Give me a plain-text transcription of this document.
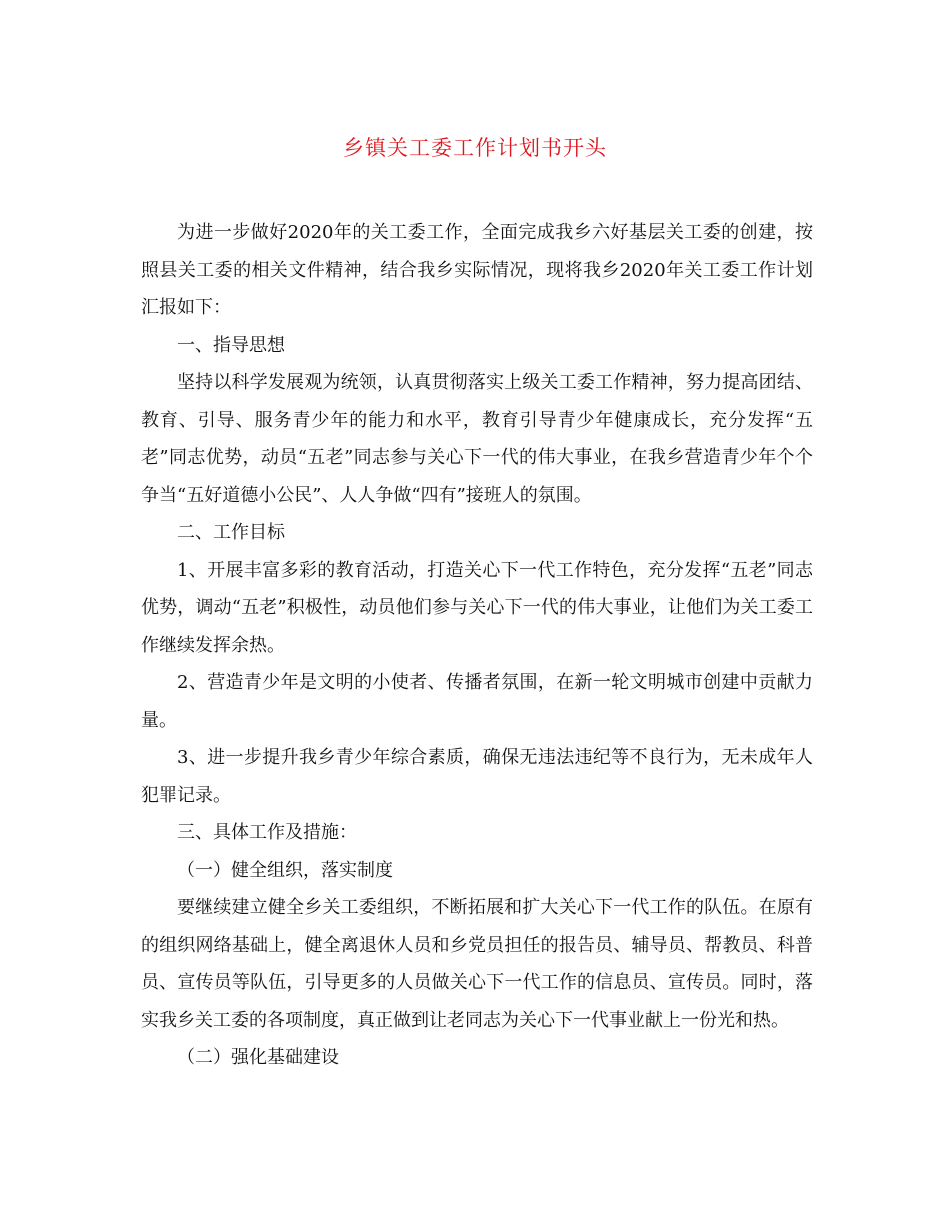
乡镇关工委工作计划书开头

为进一步做好2020年的关工委工作，全面完成我乡六好基层关工委的创建，按照县关工委的相关文件精神，结合我乡实际情况，现将我乡2020年关工委工作计划汇报如下：

一、指导思想

坚持以科学发展观为统领，认真贯彻落实上级关工委工作精神，努力提高团结、教育、引导、服务青少年的能力和水平，教育引导青少年健康成长，充分发挥“五老”同志优势，动员“五老”同志参与关心下一代的伟大事业，在我乡营造青少年个个争当“五好道德小公民”、人人争做“四有”接班人的氛围。

二、工作目标

1、开展丰富多彩的教育活动，打造关心下一代工作特色，充分发挥“五老”同志优势，调动“五老”积极性，动员他们参与关心下一代的伟大事业，让他们为关工委工作继续发挥余热。

2、营造青少年是文明的小使者、传播者氛围，在新一轮文明城市创建中贡献力量。

3、进一步提升我乡青少年综合素质，确保无违法违纪等不良行为，无未成年人犯罪记录。

三、具体工作及措施：

（一）健全组织，落实制度

要继续建立健全乡关工委组织，不断拓展和扩大关心下一代工作的队伍。在原有的组织网络基础上，健全离退休人员和乡党员担任的报告员、辅导员、帮教员、科普员、宣传员等队伍，引导更多的人员做关心下一代工作的信息员、宣传员。同时，落实我乡关工委的各项制度，真正做到让老同志为关心下一代事业献上一份光和热。

（二）强化基础建设
